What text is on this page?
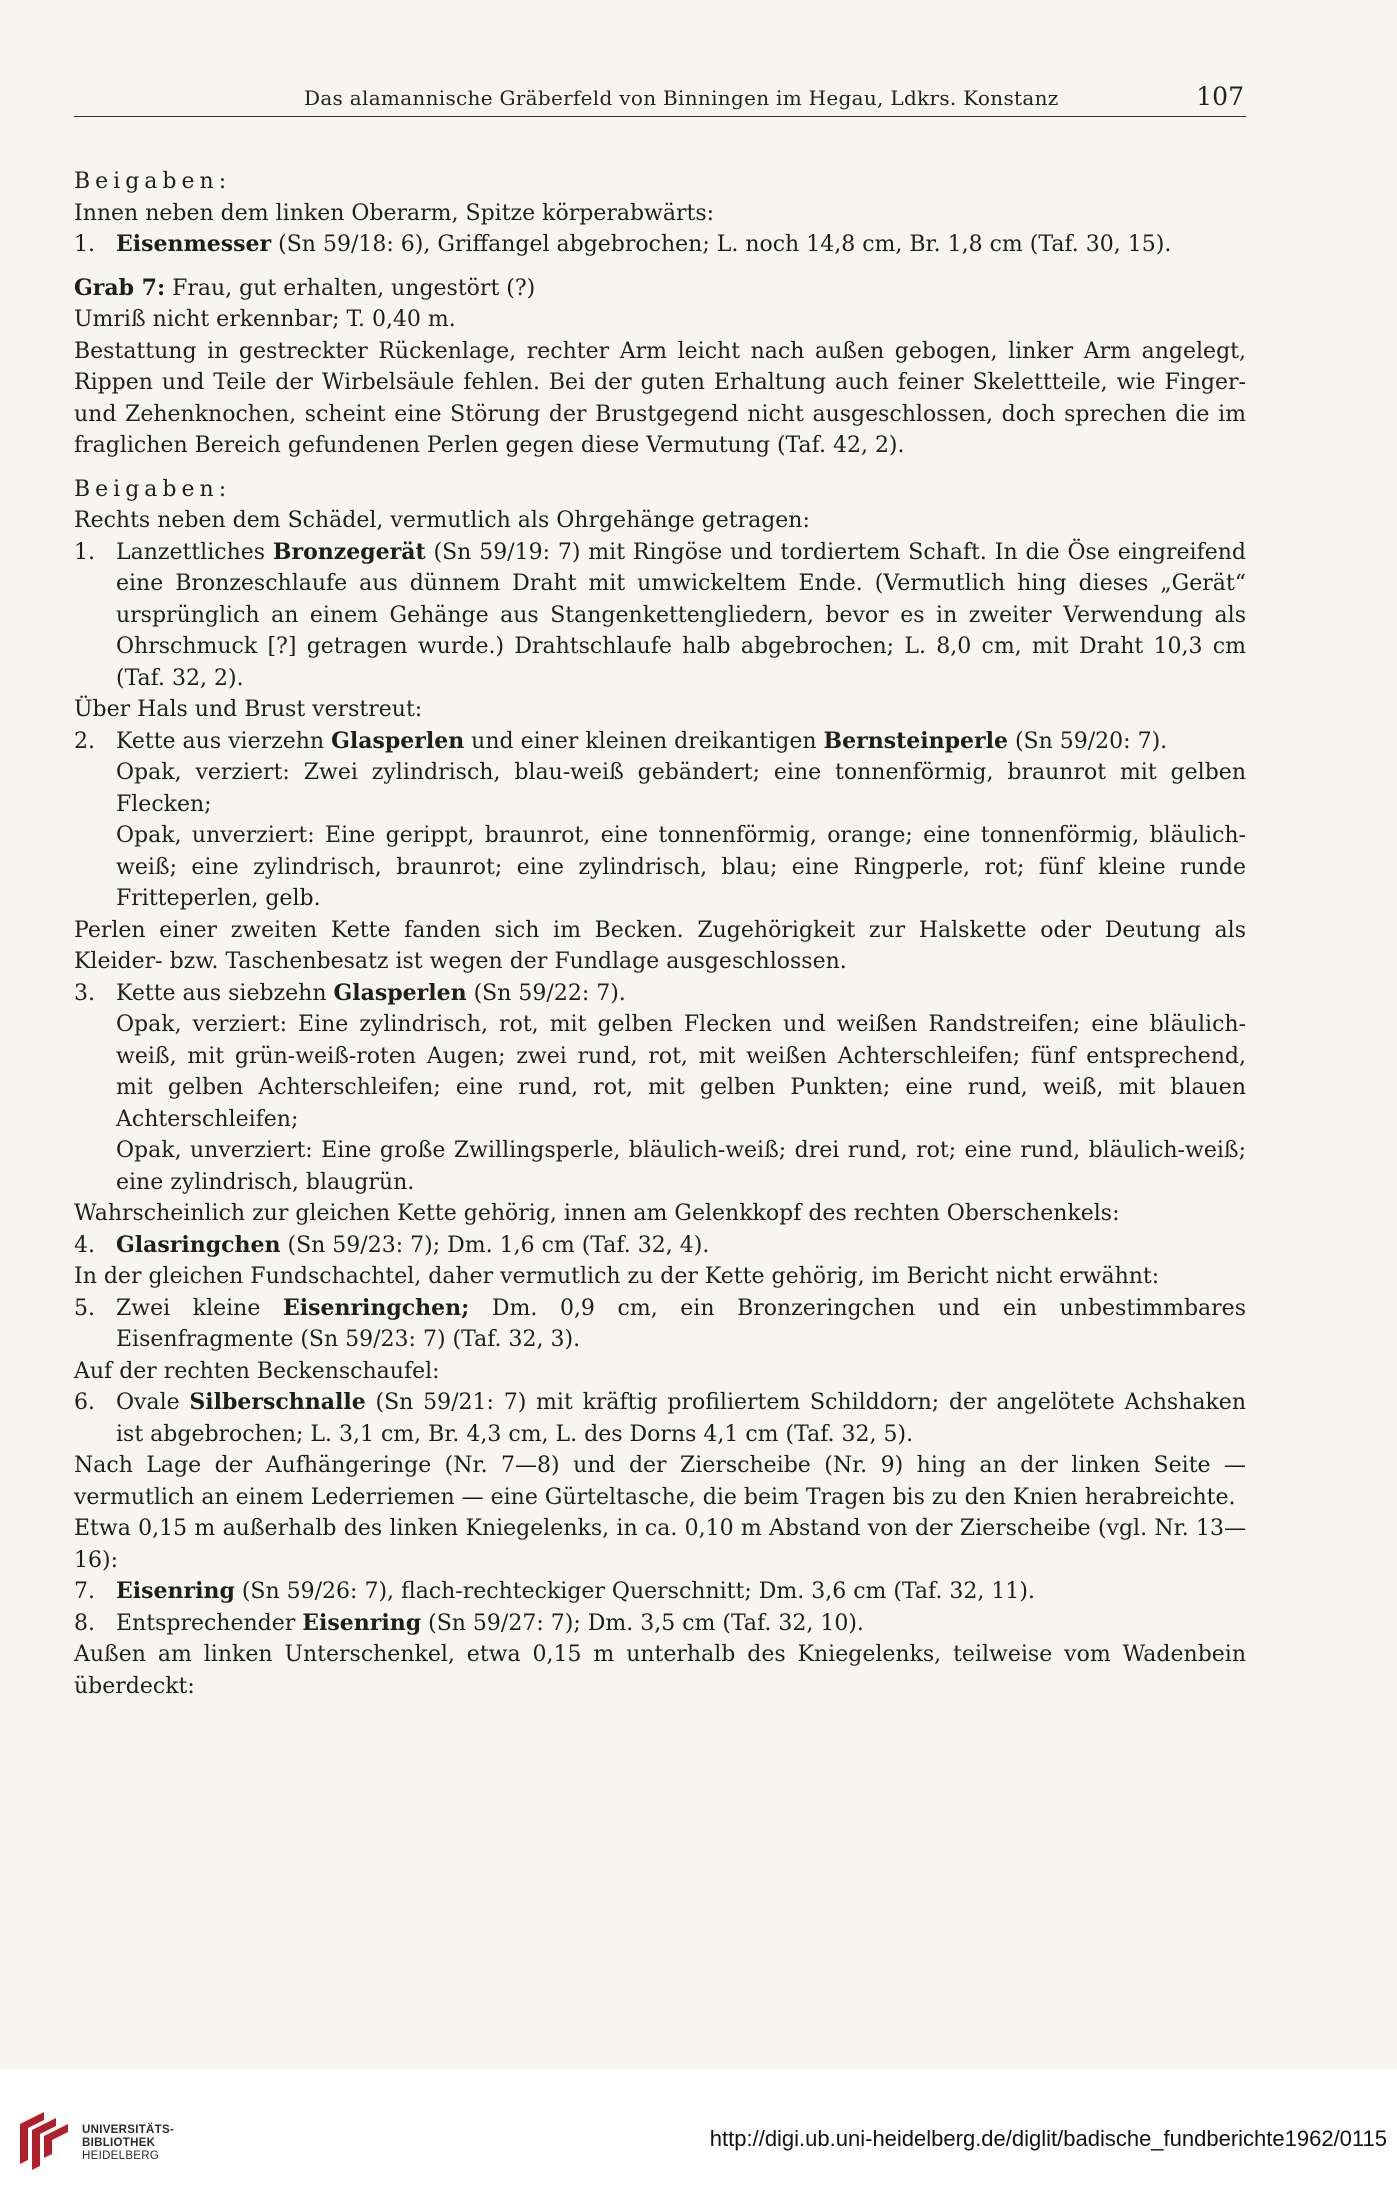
Das alamannische Gräberfeld von Binningen im Hegau, Ldkrs. Konstanz	107

Beigaben:

Innen neben dem linken Oberarm, Spitze körperabwärts:

1. Eisenmesser (Sn 59/18: 6), Griffangel abgebrochen; L. noch 14,8 cm, Br. 1,8 cm (Taf. 30, 15).

Grab 7: Frau, gut erhalten, ungestört (?)

Umriß nicht erkennbar; T. 0,40 m.

Bestattung in gestreckter Rückenlage, rechter Arm leicht nach außen gebogen, linker Arm angelegt, Rippen und Teile der Wirbelsäule fehlen. Bei der guten Erhaltung auch feiner Skelettteile, wie Finger- und Zehenknochen, scheint eine Störung der Brustgegend nicht ausgeschlossen, doch sprechen die im fraglichen Bereich gefundenen Perlen gegen diese Vermutung (Taf. 42, 2).

Beigaben:

Rechts neben dem Schädel, vermutlich als Ohrgehänge getragen:

1. Lanzettliches Bronzegerät (Sn 59/19: 7) mit Ringöse und tordiertem Schaft. In die Öse eingreifend eine Bronzeschlaufe aus dünnem Draht mit umwickeltem Ende. (Vermutlich hing dieses „Gerät“ ursprünglich an einem Gehänge aus Stangenkettengliedern, bevor es in zweiter Verwendung als Ohrschmuck [?] getragen wurde.) Drahtschlaufe halb abgebrochen; L. 8,0 cm, mit Draht 10,3 cm (Taf. 32, 2).

Über Hals und Brust verstreut:

2. Kette aus vierzehn Glasperlen und einer kleinen dreikantigen Bernsteinperle (Sn 59/20: 7).
Opak, verziert: Zwei zylindrisch, blau-weiß gebändert; eine tonnenförmig, braunrot mit gelben Flecken;
Opak, unverziert: Eine gerippt, braunrot, eine tonnenförmig, orange; eine tonnenförmig, bläulich-weiß; eine zylindrisch, braunrot; eine zylindrisch, blau; eine Ringperle, rot; fünf kleine runde Fritteperlen, gelb.

Perlen einer zweiten Kette fanden sich im Becken. Zugehörigkeit zur Halskette oder Deutung als Kleider- bzw. Taschenbesatz ist wegen der Fundlage ausgeschlossen.

3. Kette aus siebzehn Glasperlen (Sn 59/22: 7).
Opak, verziert: Eine zylindrisch, rot, mit gelben Flecken und weißen Randstreifen; eine bläulich-weiß, mit grün-weiß-roten Augen; zwei rund, rot, mit weißen Achterschleifen; fünf entsprechend, mit gelben Achterschleifen; eine rund, rot, mit gelben Punkten; eine rund, weiß, mit blauen Achterschleifen;
Opak, unverziert: Eine große Zwillingsperle, bläulich-weiß; drei rund, rot; eine rund, bläulich-weiß; eine zylindrisch, blaugrün.

Wahrscheinlich zur gleichen Kette gehörig, innen am Gelenkkopf des rechten Oberschenkels:

4. Glasringchen (Sn 59/23: 7); Dm. 1,6 cm (Taf. 32, 4).

In der gleichen Fundschachtel, daher vermutlich zu der Kette gehörig, im Bericht nicht erwähnt:

5. Zwei kleine Eisenringchen; Dm. 0,9 cm, ein Bronzeringchen und ein unbestimmbares Eisenfragmente (Sn 59/23: 7) (Taf. 32, 3).

Auf der rechten Beckenschaufel:

6. Ovale Silberschnalle (Sn 59/21: 7) mit kräftig profiliertem Schilddorn; der angelötete Achshaken ist abgebrochen; L. 3,1 cm, Br. 4,3 cm, L. des Dorns 4,1 cm (Taf. 32, 5).

Nach Lage der Aufhängeringe (Nr. 7—8) und der Zierscheibe (Nr. 9) hing an der linken Seite — vermutlich an einem Lederriemen — eine Gürteltasche, die beim Tragen bis zu den Knien herabreichte.

Etwa 0,15 m außerhalb des linken Kniegelenks, in ca. 0,10 m Abstand von der Zierscheibe (vgl. Nr. 13—16):

7. Eisenring (Sn 59/26: 7), flach-rechteckiger Querschnitt; Dm. 3,6 cm (Taf. 32, 11).
8. Entsprechender Eisenring (Sn 59/27: 7); Dm. 3,5 cm (Taf. 32, 10).

Außen am linken Unterschenkel, etwa 0,15 m unterhalb des Kniegelenks, teilweise vom Wadenbein überdeckt:

UNIVERSITÄTS-
BIBLIOTHEK
HEIDELBERG
http://digi.ub.uni-heidelberg.de/diglit/badische_fundberichte1962/0115
